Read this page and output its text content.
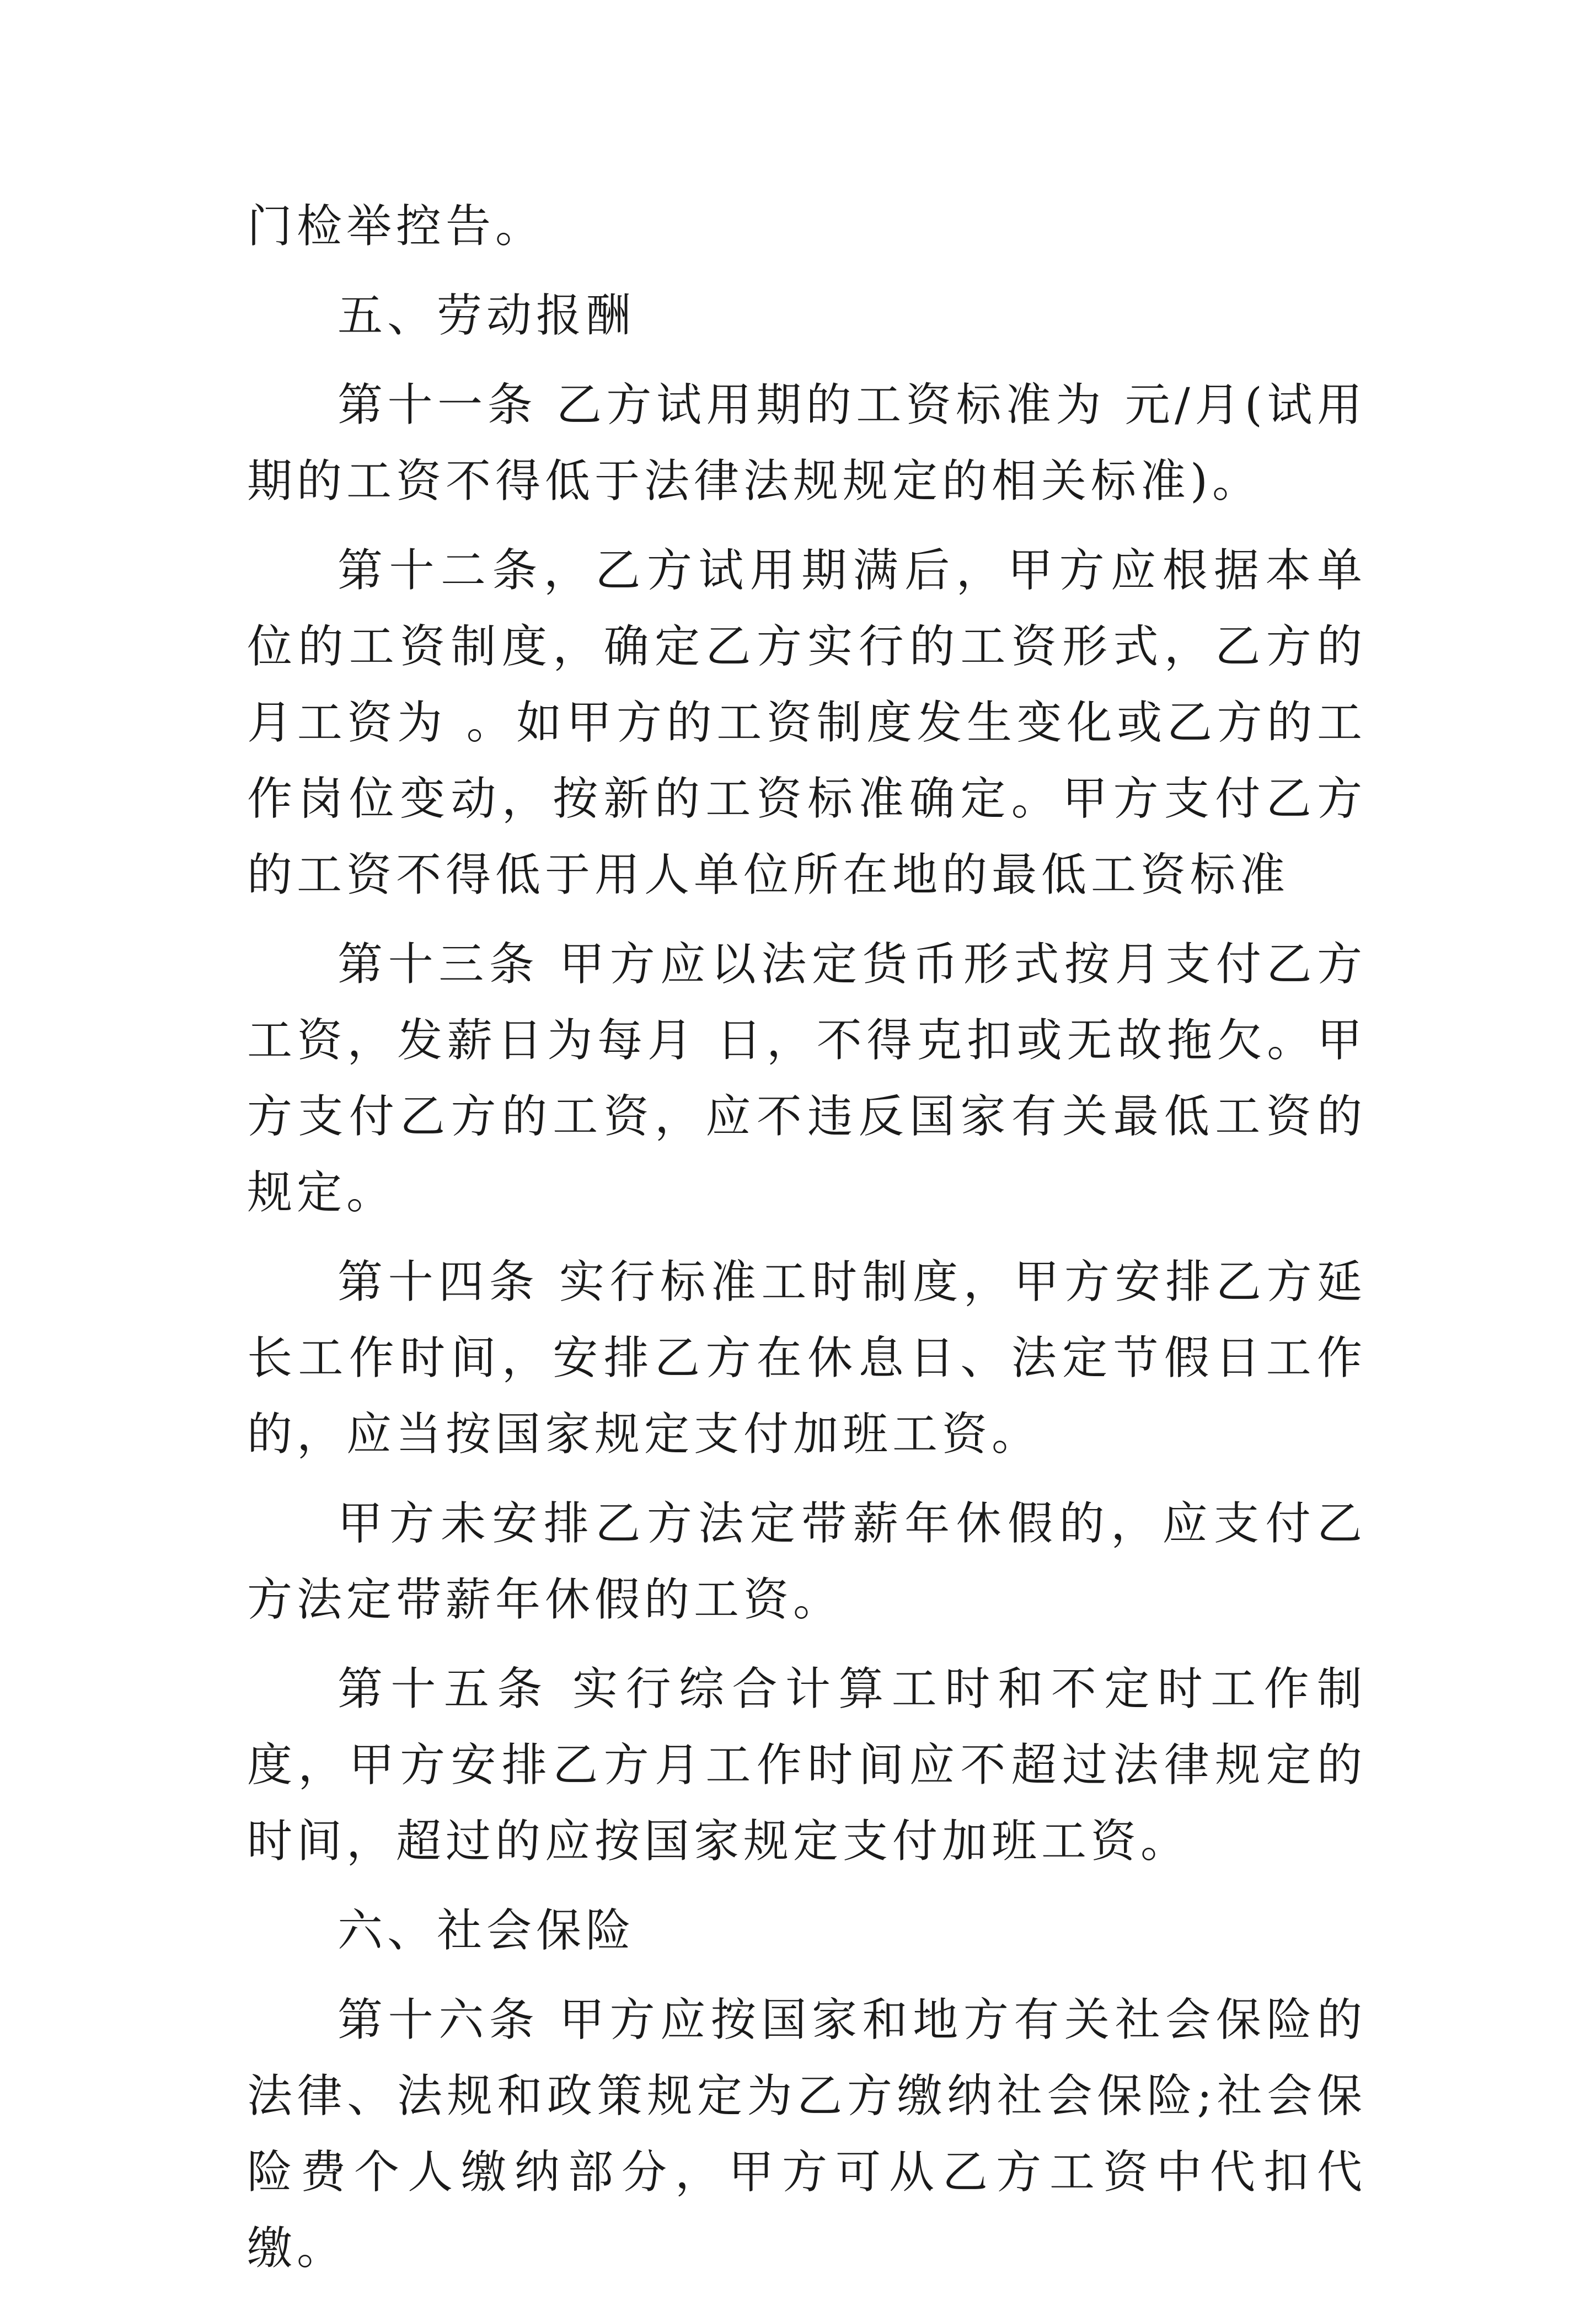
门检举控告。

五、劳动报酬

第十一条 乙方试用期的工资标准为 元/月(试用期的工资不得低于法律法规规定的相关标准)。

第十二条，乙方试用期满后，甲方应根据本单位的工资制度，确定乙方实行的工资形式，乙方的月工资为 。如甲方的工资制度发生变化或乙方的工作岗位变动，按新的工资标准确定。甲方支付乙方的工资不得低于用人单位所在地的最低工资标准

第十三条 甲方应以法定货币形式按月支付乙方工资，发薪日为每月 日，不得克扣或无故拖欠。甲方支付乙方的工资，应不违反国家有关最低工资的规定。

第十四条 实行标准工时制度，甲方安排乙方延长工作时间，安排乙方在休息日、法定节假日工作的，应当按国家规定支付加班工资。

甲方未安排乙方法定带薪年休假的，应支付乙方法定带薪年休假的工资。

第十五条 实行综合计算工时和不定时工作制度，甲方安排乙方月工作时间应不超过法律规定的时间，超过的应按国家规定支付加班工资。

六、社会保险

第十六条 甲方应按国家和地方有关社会保险的法律、法规和政策规定为乙方缴纳社会保险;社会保险费个人缴纳部分，甲方可从乙方工资中代扣代缴。
